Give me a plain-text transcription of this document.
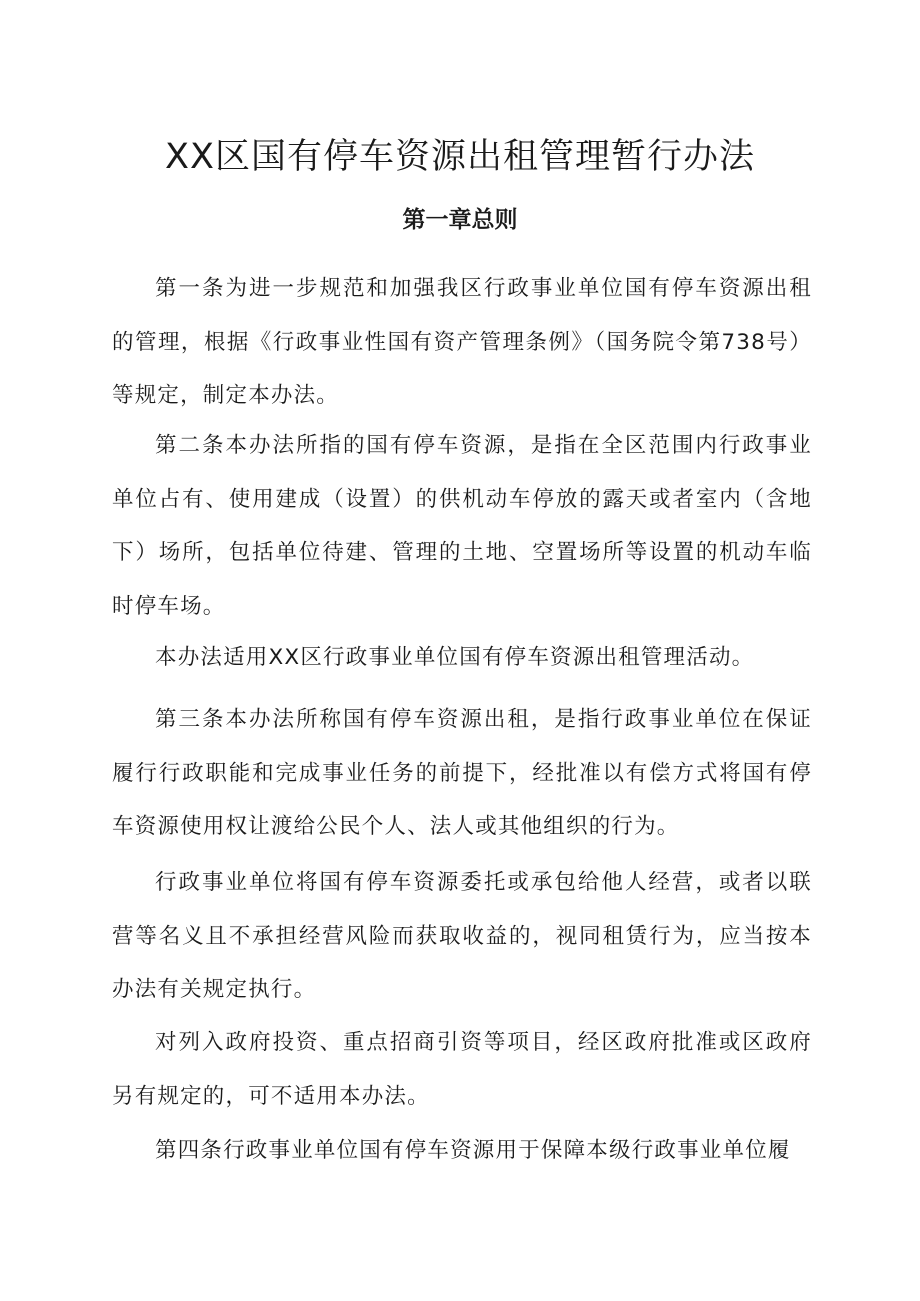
XX区国有停车资源出租管理暂行办法
第一章总则

第一条为进一步规范和加强我区行政事业单位国有停车资源出租的管理，根据《行政事业性国有资产管理条例》（国务院令第738号）等规定，制定本办法。

第二条本办法所指的国有停车资源，是指在全区范围内行政事业单位占有、使用建成（设置）的供机动车停放的露天或者室内（含地下）场所，包括单位待建、管理的土地、空置场所等设置的机动车临时停车场。

本办法适用XX区行政事业单位国有停车资源出租管理活动。

第三条本办法所称国有停车资源出租，是指行政事业单位在保证履行行政职能和完成事业任务的前提下，经批准以有偿方式将国有停车资源使用权让渡给公民个人、法人或其他组织的行为。

行政事业单位将国有停车资源委托或承包给他人经营，或者以联营等名义且不承担经营风险而获取收益的，视同租赁行为，应当按本办法有关规定执行。

对列入政府投资、重点招商引资等项目，经区政府批准或区政府另有规定的，可不适用本办法。

第四条行政事业单位国有停车资源用于保障本级行政事业单位履
